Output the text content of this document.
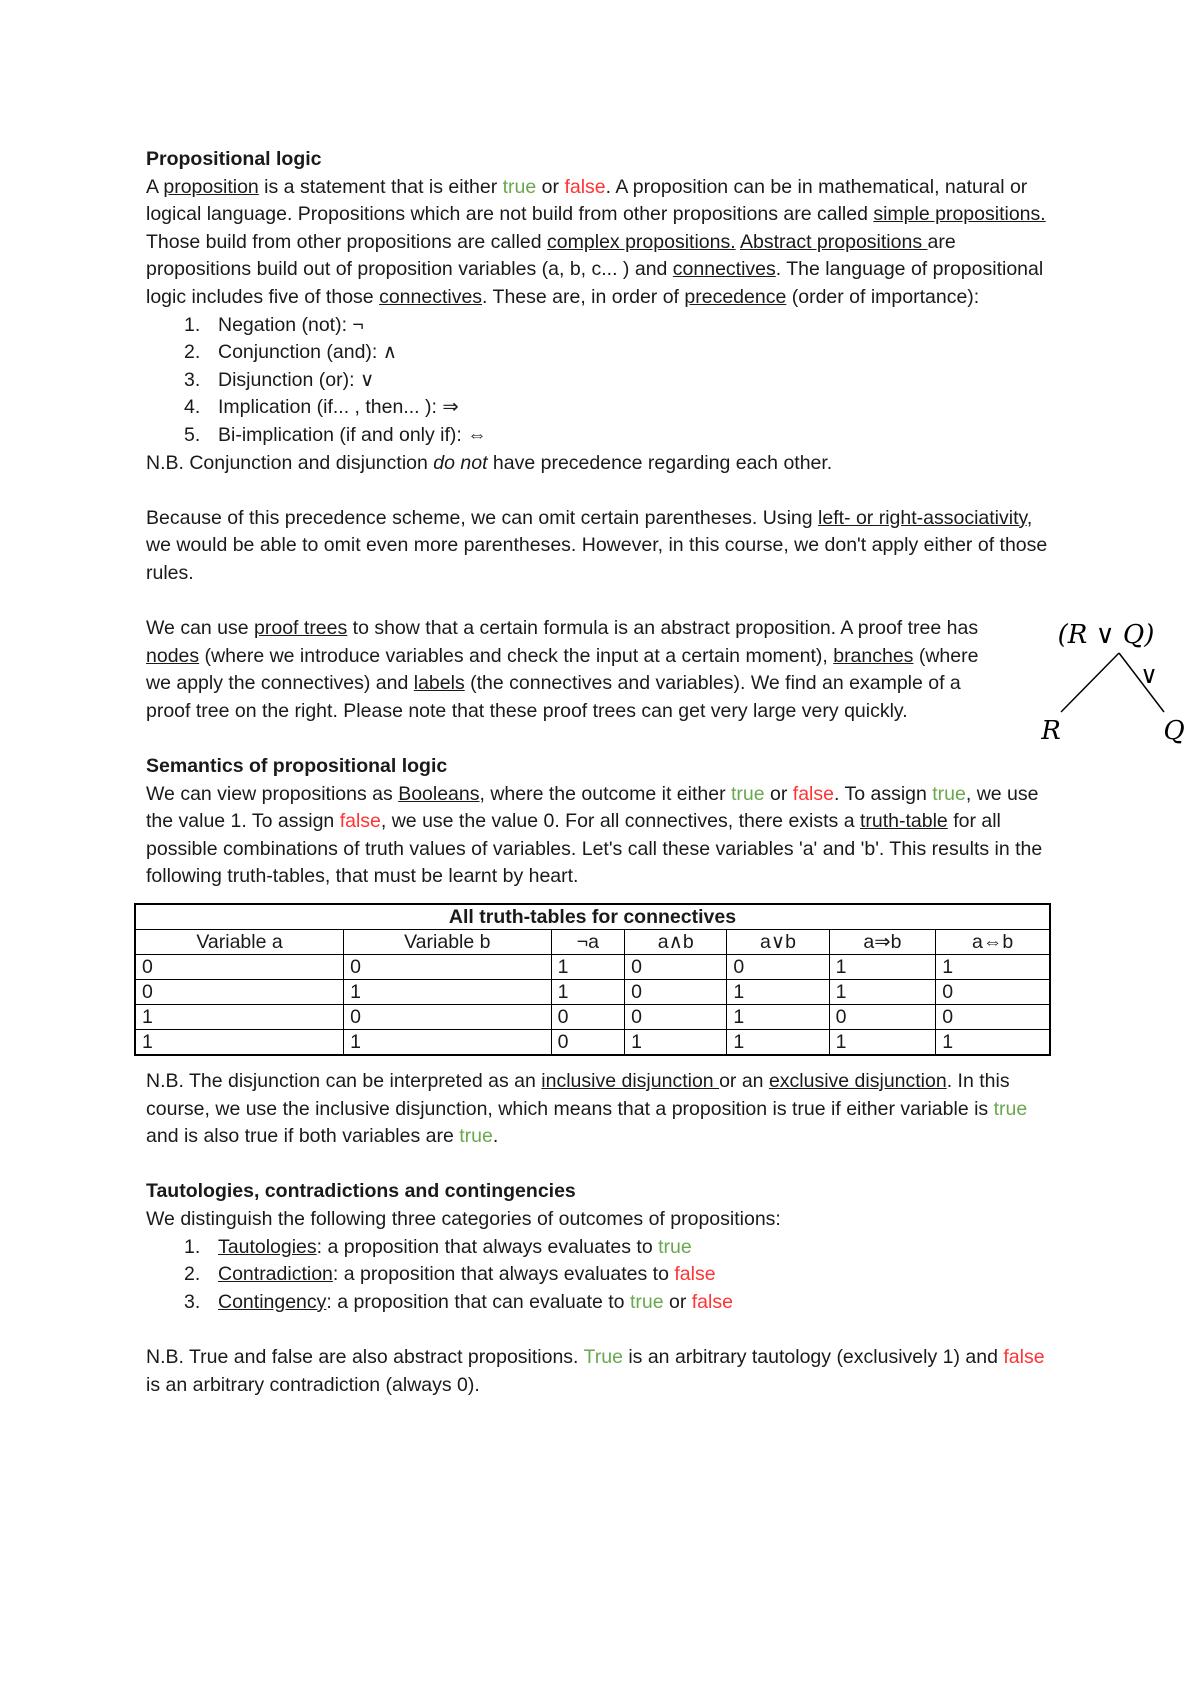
Propositional logic

A proposition is a statement that is either true or false. A proposition can be in mathematical, natural or logical language. Propositions which are not build from other propositions are called simple propositions. Those build from other propositions are called complex propositions. Abstract propositions are propositions build out of proposition variables (a, b, c... ) and connectives. The language of propositional logic includes five of those connectives. These are, in order of precedence (order of importance):

1. Negation (not): ¬
2. Conjunction (and): ∧
3. Disjunction (or): ∨
4. Implication (if... , then... ): ⇒
5. Bi-implication (if and only if): ⇔

N.B. Conjunction and disjunction do not have precedence regarding each other.

Because of this precedence scheme, we can omit certain parentheses. Using left- or right-associativity, we would be able to omit even more parentheses. However, in this course, we don't apply either of those rules.

We can use proof trees to show that a certain formula is an abstract proposition. A proof tree has nodes (where we introduce variables and check the input at a certain moment), branches (where we apply the connectives) and labels (the connectives and variables). We find an example of a proof tree on the right. Please note that these proof trees can get very large very quickly.

(R ∨ Q)
∨
R	Q

Semantics of propositional logic

We can view propositions as Booleans, where the outcome it either true or false. To assign true, we use the value 1. To assign false, we use the value 0. For all connectives, there exists a truth-table for all possible combinations of truth values of variables. Let's call these variables 'a' and 'b'. This results in the following truth-tables, that must be learnt by heart.

All truth-tables for connectives						
Variable a	Variable b	¬a	a∧b	a∨b	a⇒b	a⇔b
0	0	1	0	0	1	1
0	1	1	0	1	1	0
1	0	0	0	1	0	0
1	1	0	1	1	1	1

N.B. The disjunction can be interpreted as an inclusive disjunction or an exclusive disjunction. In this course, we use the inclusive disjunction, which means that a proposition is true if either variable is true and is also true if both variables are true.

Tautologies, contradictions and contingencies

We distinguish the following three categories of outcomes of propositions:

1. Tautologies: a proposition that always evaluates to true
2. Contradiction: a proposition that always evaluates to false
3. Contingency: a proposition that can evaluate to true or false

N.B. True and false are also abstract propositions. True is an arbitrary tautology (exclusively 1) and false is an arbitrary contradiction (always 0).
